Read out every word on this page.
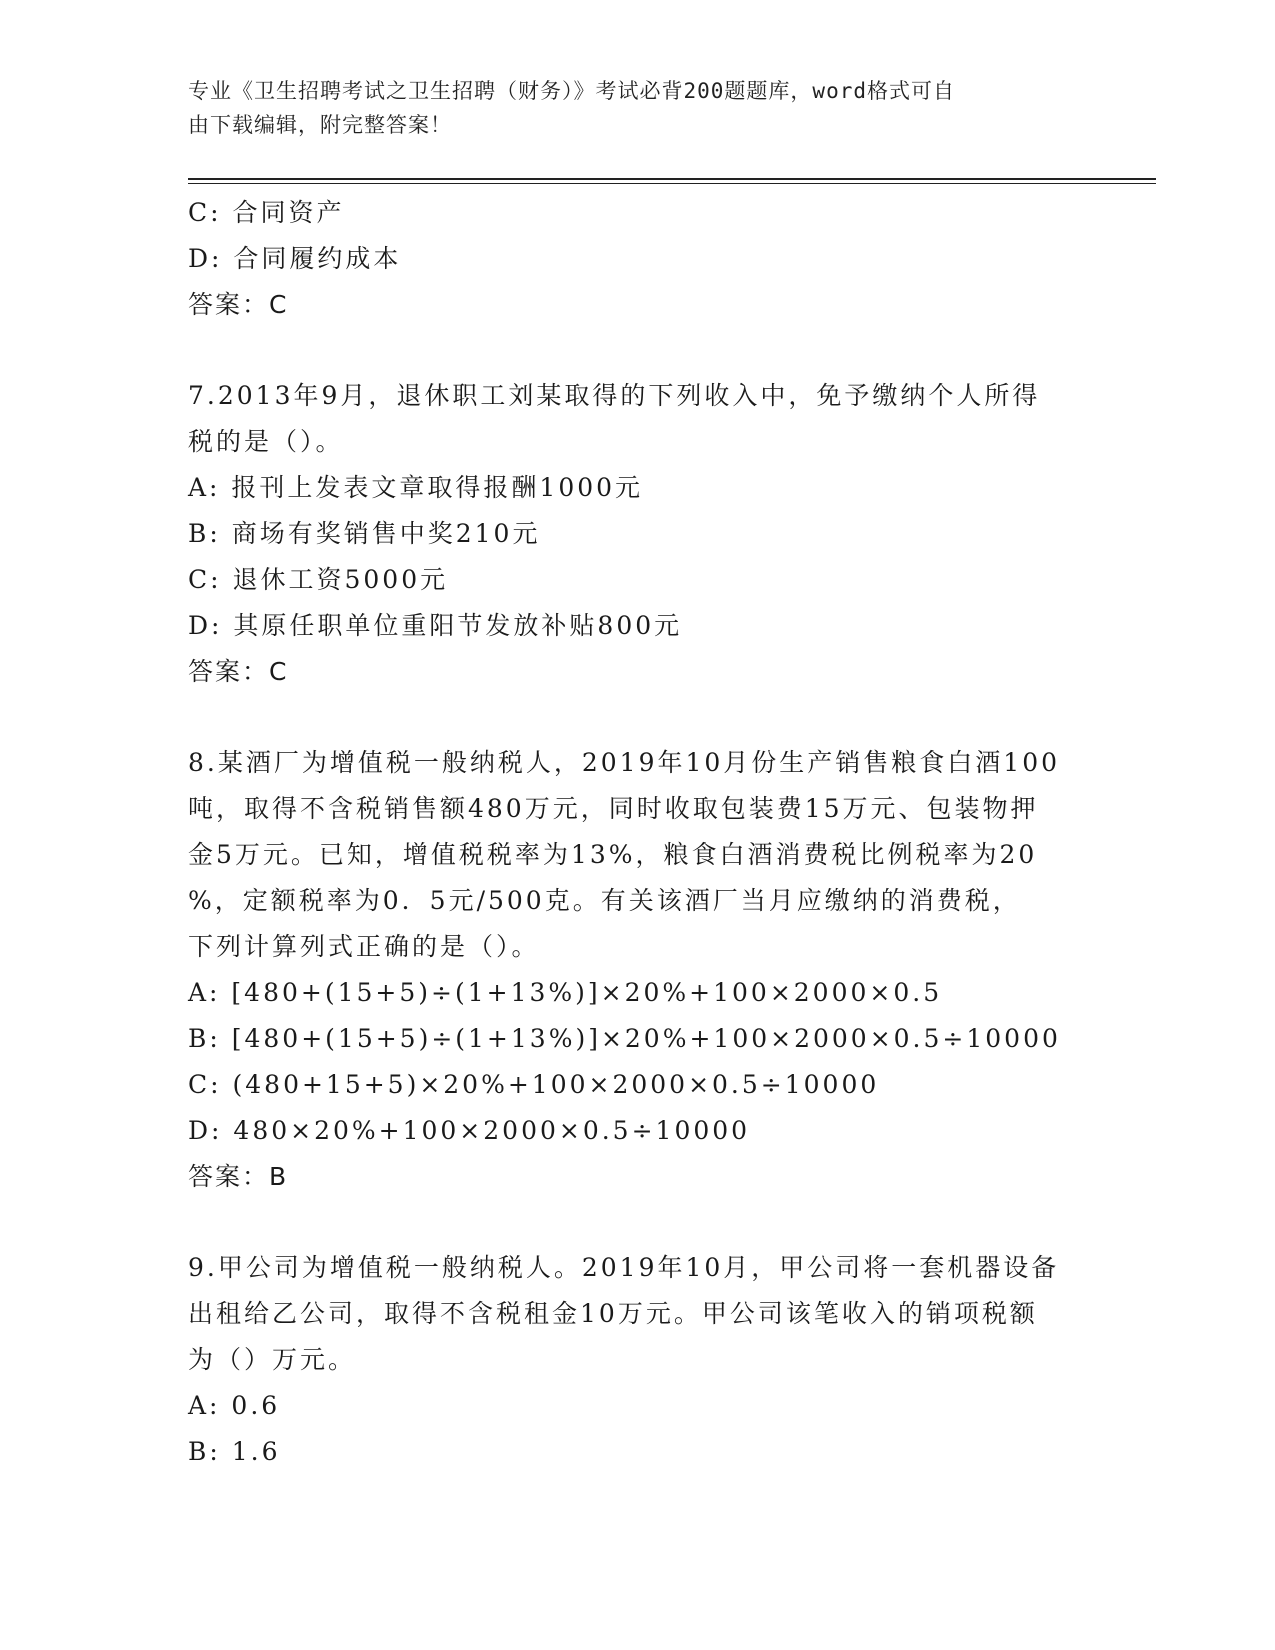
专业《卫生招聘考试之卫生招聘（财务）》考试必背200题题库，word格式可自
由下载编辑，附完整答案！
C: 合同资产
D: 合同履约成本
答案：C
7.2013年9月，退休职工刘某取得的下列收入中，免予缴纳个人所得
税的是（）。
A: 报刊上发表文章取得报酬1000元
B: 商场有奖销售中奖210元
C: 退休工资5000元
D: 其原任职单位重阳节发放补贴800元
答案：C
8.某酒厂为增值税一般纳税人，2019年10月份生产销售粮食白酒100
吨，取得不含税销售额480万元，同时收取包装费15万元、包装物押
金5万元。已知，增值税税率为13%，粮食白酒消费税比例税率为20
%，定额税率为0．5元/500克。有关该酒厂当月应缴纳的消费税，
下列计算列式正确的是（）。
A: [480+(15+5)÷(1+13%)]×20%+100×2000×0.5
B: [480+(15+5)÷(1+13%)]×20%+100×2000×0.5÷10000
C: (480+15+5)×20%+100×2000×0.5÷10000
D: 480×20%+100×2000×0.5÷10000
答案：B
9.甲公司为增值税一般纳税人。2019年10月，甲公司将一套机器设备
出租给乙公司，取得不含税租金10万元。甲公司该笔收入的销项税额
为（）万元。
A: 0.6
B: 1.6
